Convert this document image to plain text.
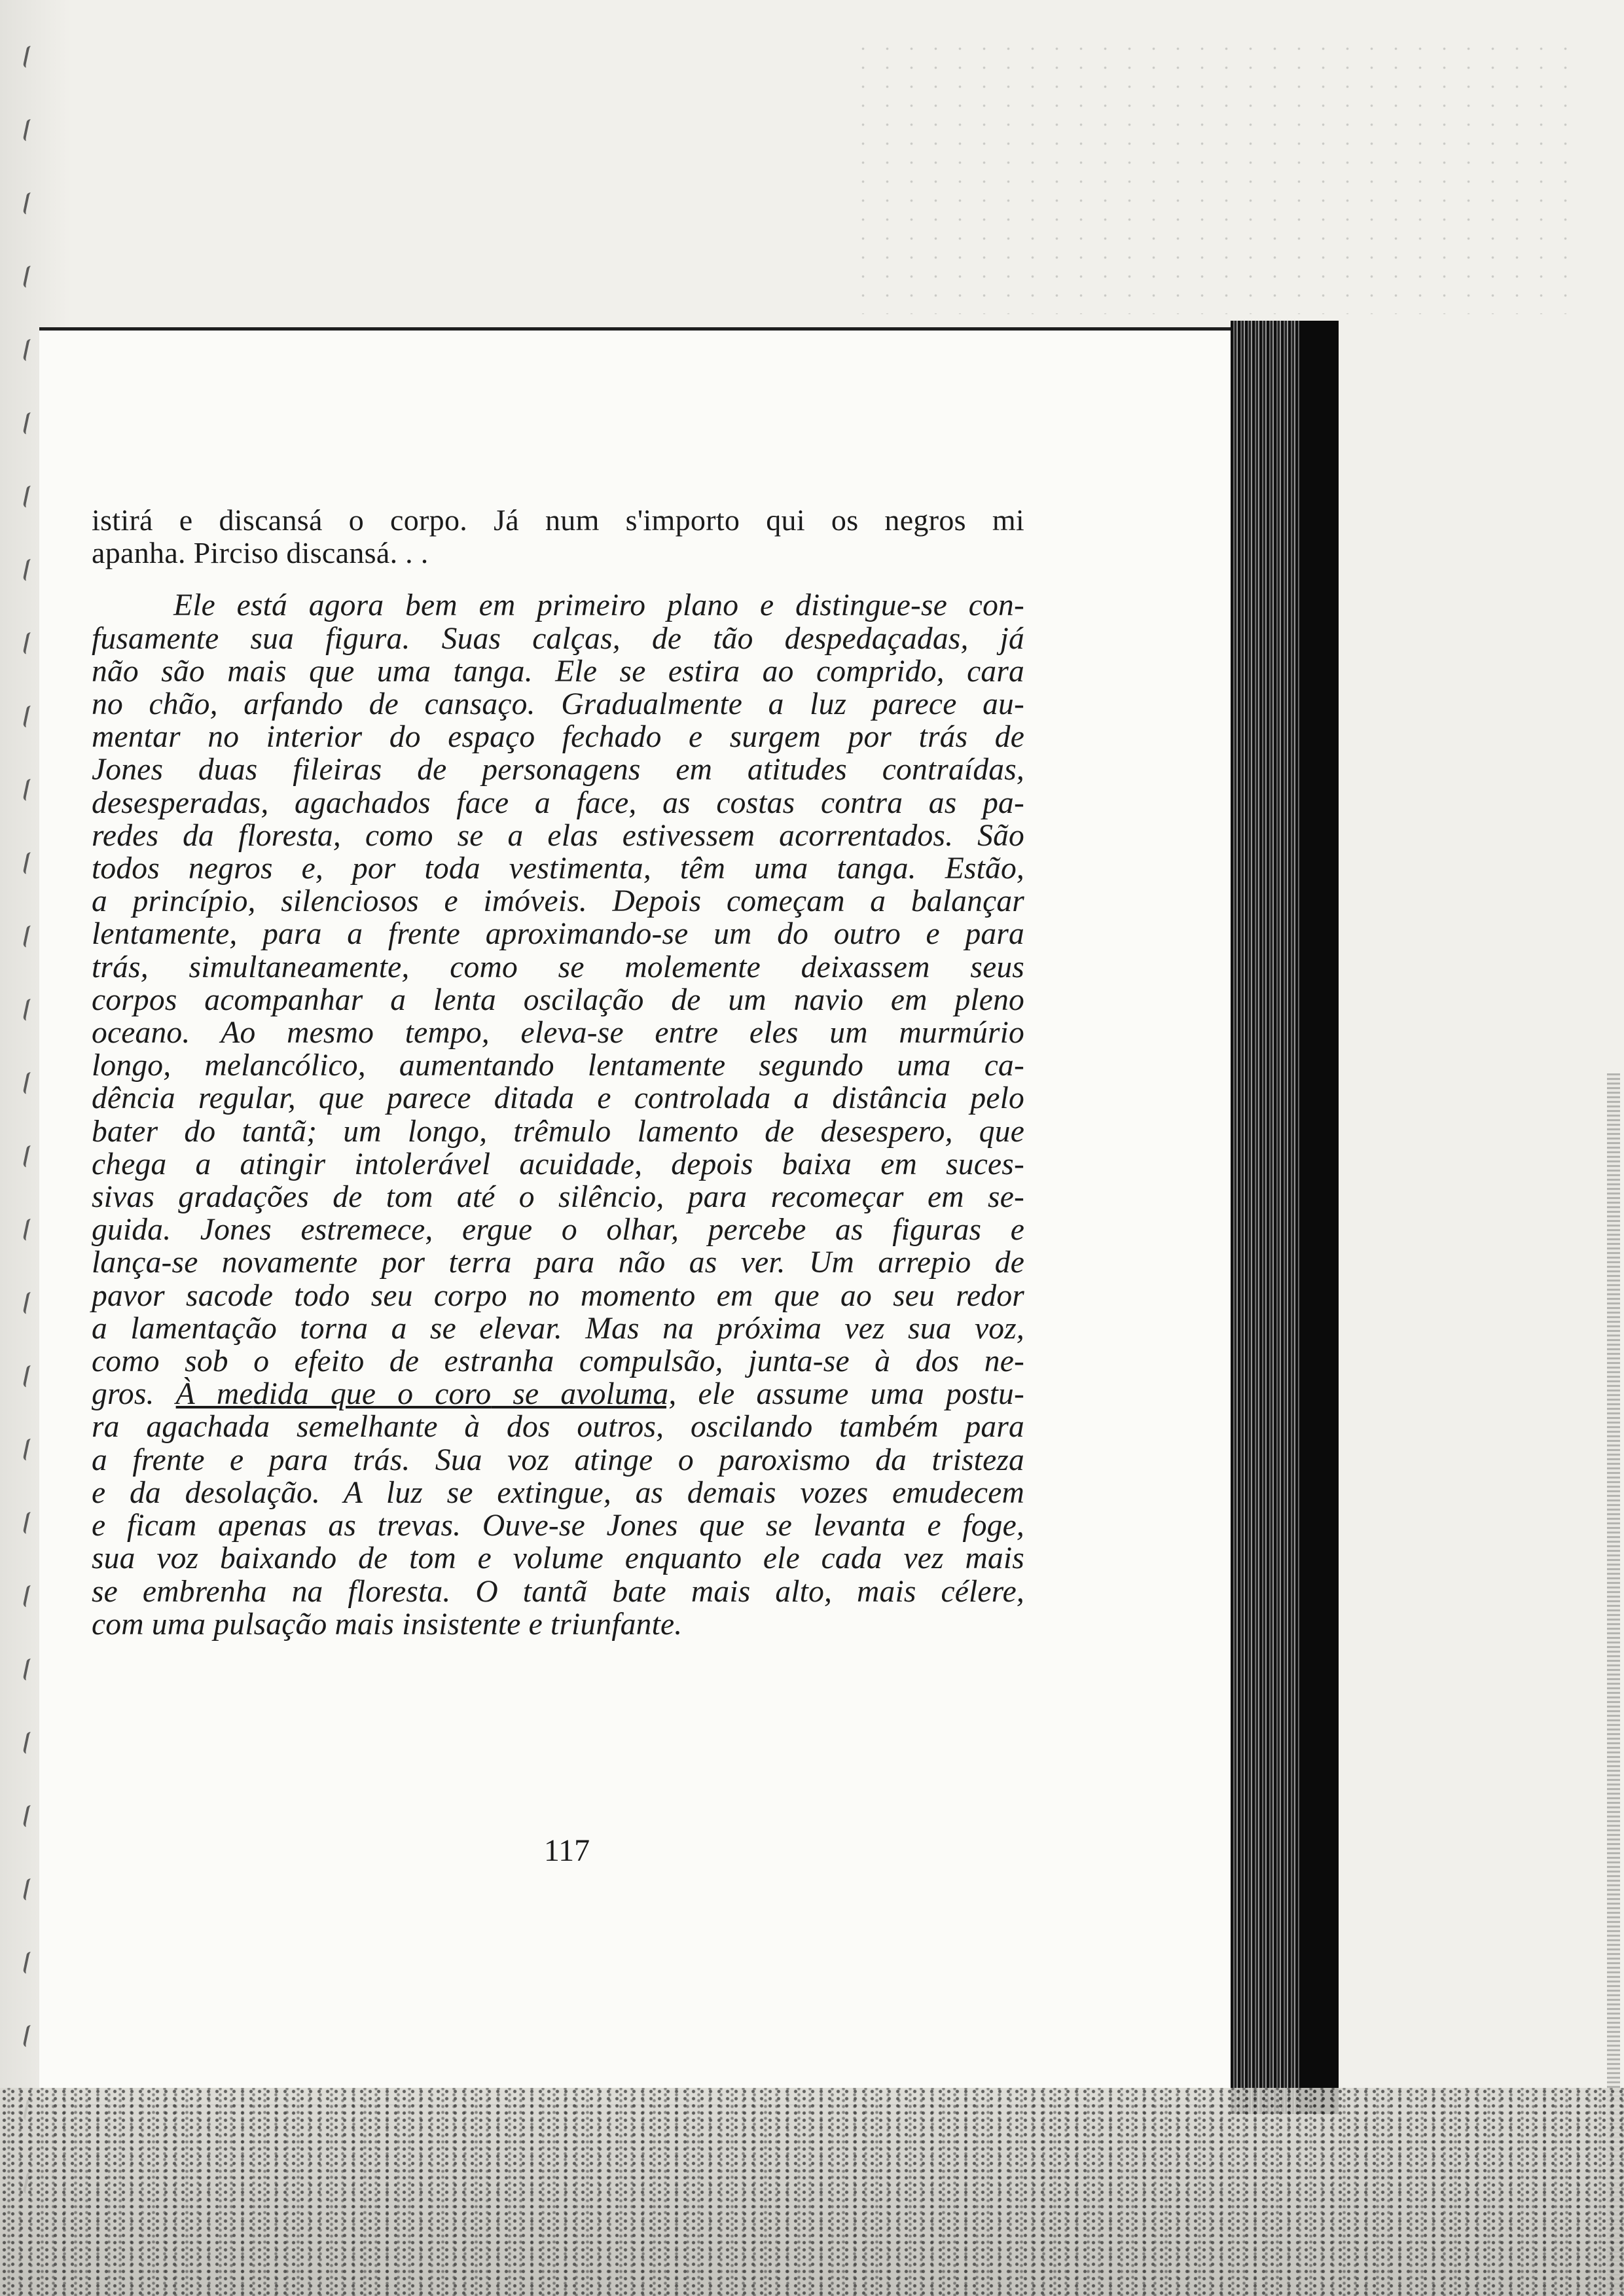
istirá e discansá o corpo. Já num s'importo qui os negros mi
apanha. Pirciso discansá. . .
Ele está agora bem em primeiro plano e distingue-se con-
fusamente sua figura. Suas calças, de tão despedaçadas, já
não são mais que uma tanga. Ele se estira ao comprido, cara
no chão, arfando de cansaço. Gradualmente a luz parece au-
mentar no interior do espaço fechado e surgem por trás de
Jones duas fileiras de personagens em atitudes contraídas,
desesperadas, agachados face a face, as costas contra as pa-
redes da floresta, como se a elas estivessem acorrentados. São
todos negros e, por toda vestimenta, têm uma tanga. Estão,
a princípio, silenciosos e imóveis. Depois começam a balançar
lentamente, para a frente aproximando-se um do outro e para
trás, simultaneamente, como se molemente deixassem seus
corpos acompanhar a lenta oscilação de um navio em pleno
oceano. Ao mesmo tempo, eleva-se entre eles um murmúrio
longo, melancólico, aumentando lentamente segundo uma ca-
dência regular, que parece ditada e controlada a distância pelo
bater do tantã; um longo, trêmulo lamento de desespero, que
chega a atingir intolerável acuidade, depois baixa em suces-
sivas gradações de tom até o silêncio, para recomeçar em se-
guida. Jones estremece, ergue o olhar, percebe as figuras e
lança-se novamente por terra para não as ver. Um arrepio de
pavor sacode todo seu corpo no momento em que ao seu redor
a lamentação torna a se elevar. Mas na próxima vez sua voz,
como sob o efeito de estranha compulsão, junta-se à dos ne-
gros. À medida que o coro se avoluma, ele assume uma postu-
ra agachada semelhante à dos outros, oscilando também para
a frente e para trás. Sua voz atinge o paroxismo da tristeza
e da desolação. A luz se extingue, as demais vozes emudecem
e ficam apenas as trevas. Ouve-se Jones que se levanta e foge,
sua voz baixando de tom e volume enquanto ele cada vez mais
se embrenha na floresta. O tantã bate mais alto, mais célere,
com uma pulsação mais insistente e triunfante.
117
